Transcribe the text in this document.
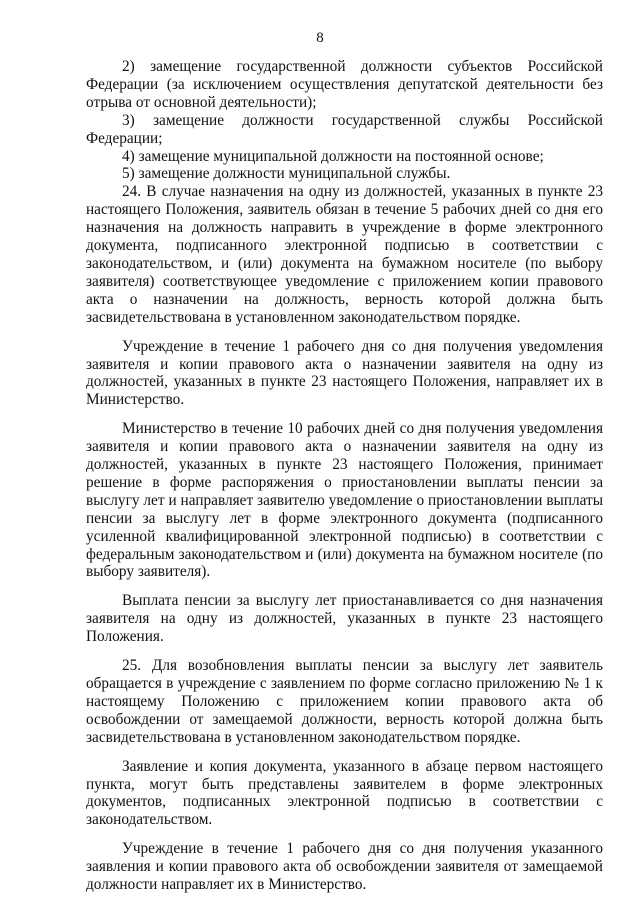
8

2) замещение государственной должности субъектов Российской Федерации (за исключением осуществления депутатской деятельности без отрыва от основной деятельности);

3) замещение должности государственной службы Российской Федерации;

4) замещение муниципальной должности на постоянной основе;

5) замещение должности муниципальной службы.

24. В случае назначения на одну из должностей, указанных в пункте 23 настоящего Положения, заявитель обязан в течение 5 рабочих дней со дня его назначения на должность направить в учреждение в форме электронного документа, подписанного электронной подписью в соответствии с законодательством, и (или) документа на бумажном носителе (по выбору заявителя) соответствующее уведомление с приложением копии правового акта о назначении на должность, верность которой должна быть засвидетельствована в установленном законодательством порядке.

Учреждение в течение 1 рабочего дня со дня получения уведомления заявителя и копии правового акта о назначении заявителя на одну из должностей, указанных в пункте 23 настоящего Положения, направляет их в Министерство.

Министерство в течение 10 рабочих дней со дня получения уведомления заявителя и копии правового акта о назначении заявителя на одну из должностей, указанных в пункте 23 настоящего Положения, принимает решение в форме распоряжения о приостановлении выплаты пенсии за выслугу лет и направляет заявителю уведомление о приостановлении выплаты пенсии за выслугу лет в форме электронного документа (подписанного усиленной квалифицированной электронной подписью) в соответствии с федеральным законодательством и (или) документа на бумажном носителе (по выбору заявителя).

Выплата пенсии за выслугу лет приостанавливается со дня назначения заявителя на одну из должностей, указанных в пункте 23 настоящего Положения.

25. Для возобновления выплаты пенсии за выслугу лет заявитель обращается в учреждение с заявлением по форме согласно приложению № 1 к настоящему Положению с приложением копии правового акта об освобождении от замещаемой должности, верность которой должна быть засвидетельствована в установленном законодательством порядке.

Заявление и копия документа, указанного в абзаце первом настоящего пункта, могут быть представлены заявителем в форме электронных документов, подписанных электронной подписью в соответствии с законодательством.

Учреждение в течение 1 рабочего дня со дня получения указанного заявления и копии правового акта об освобождении заявителя от замещаемой должности направляет их в Министерство.
